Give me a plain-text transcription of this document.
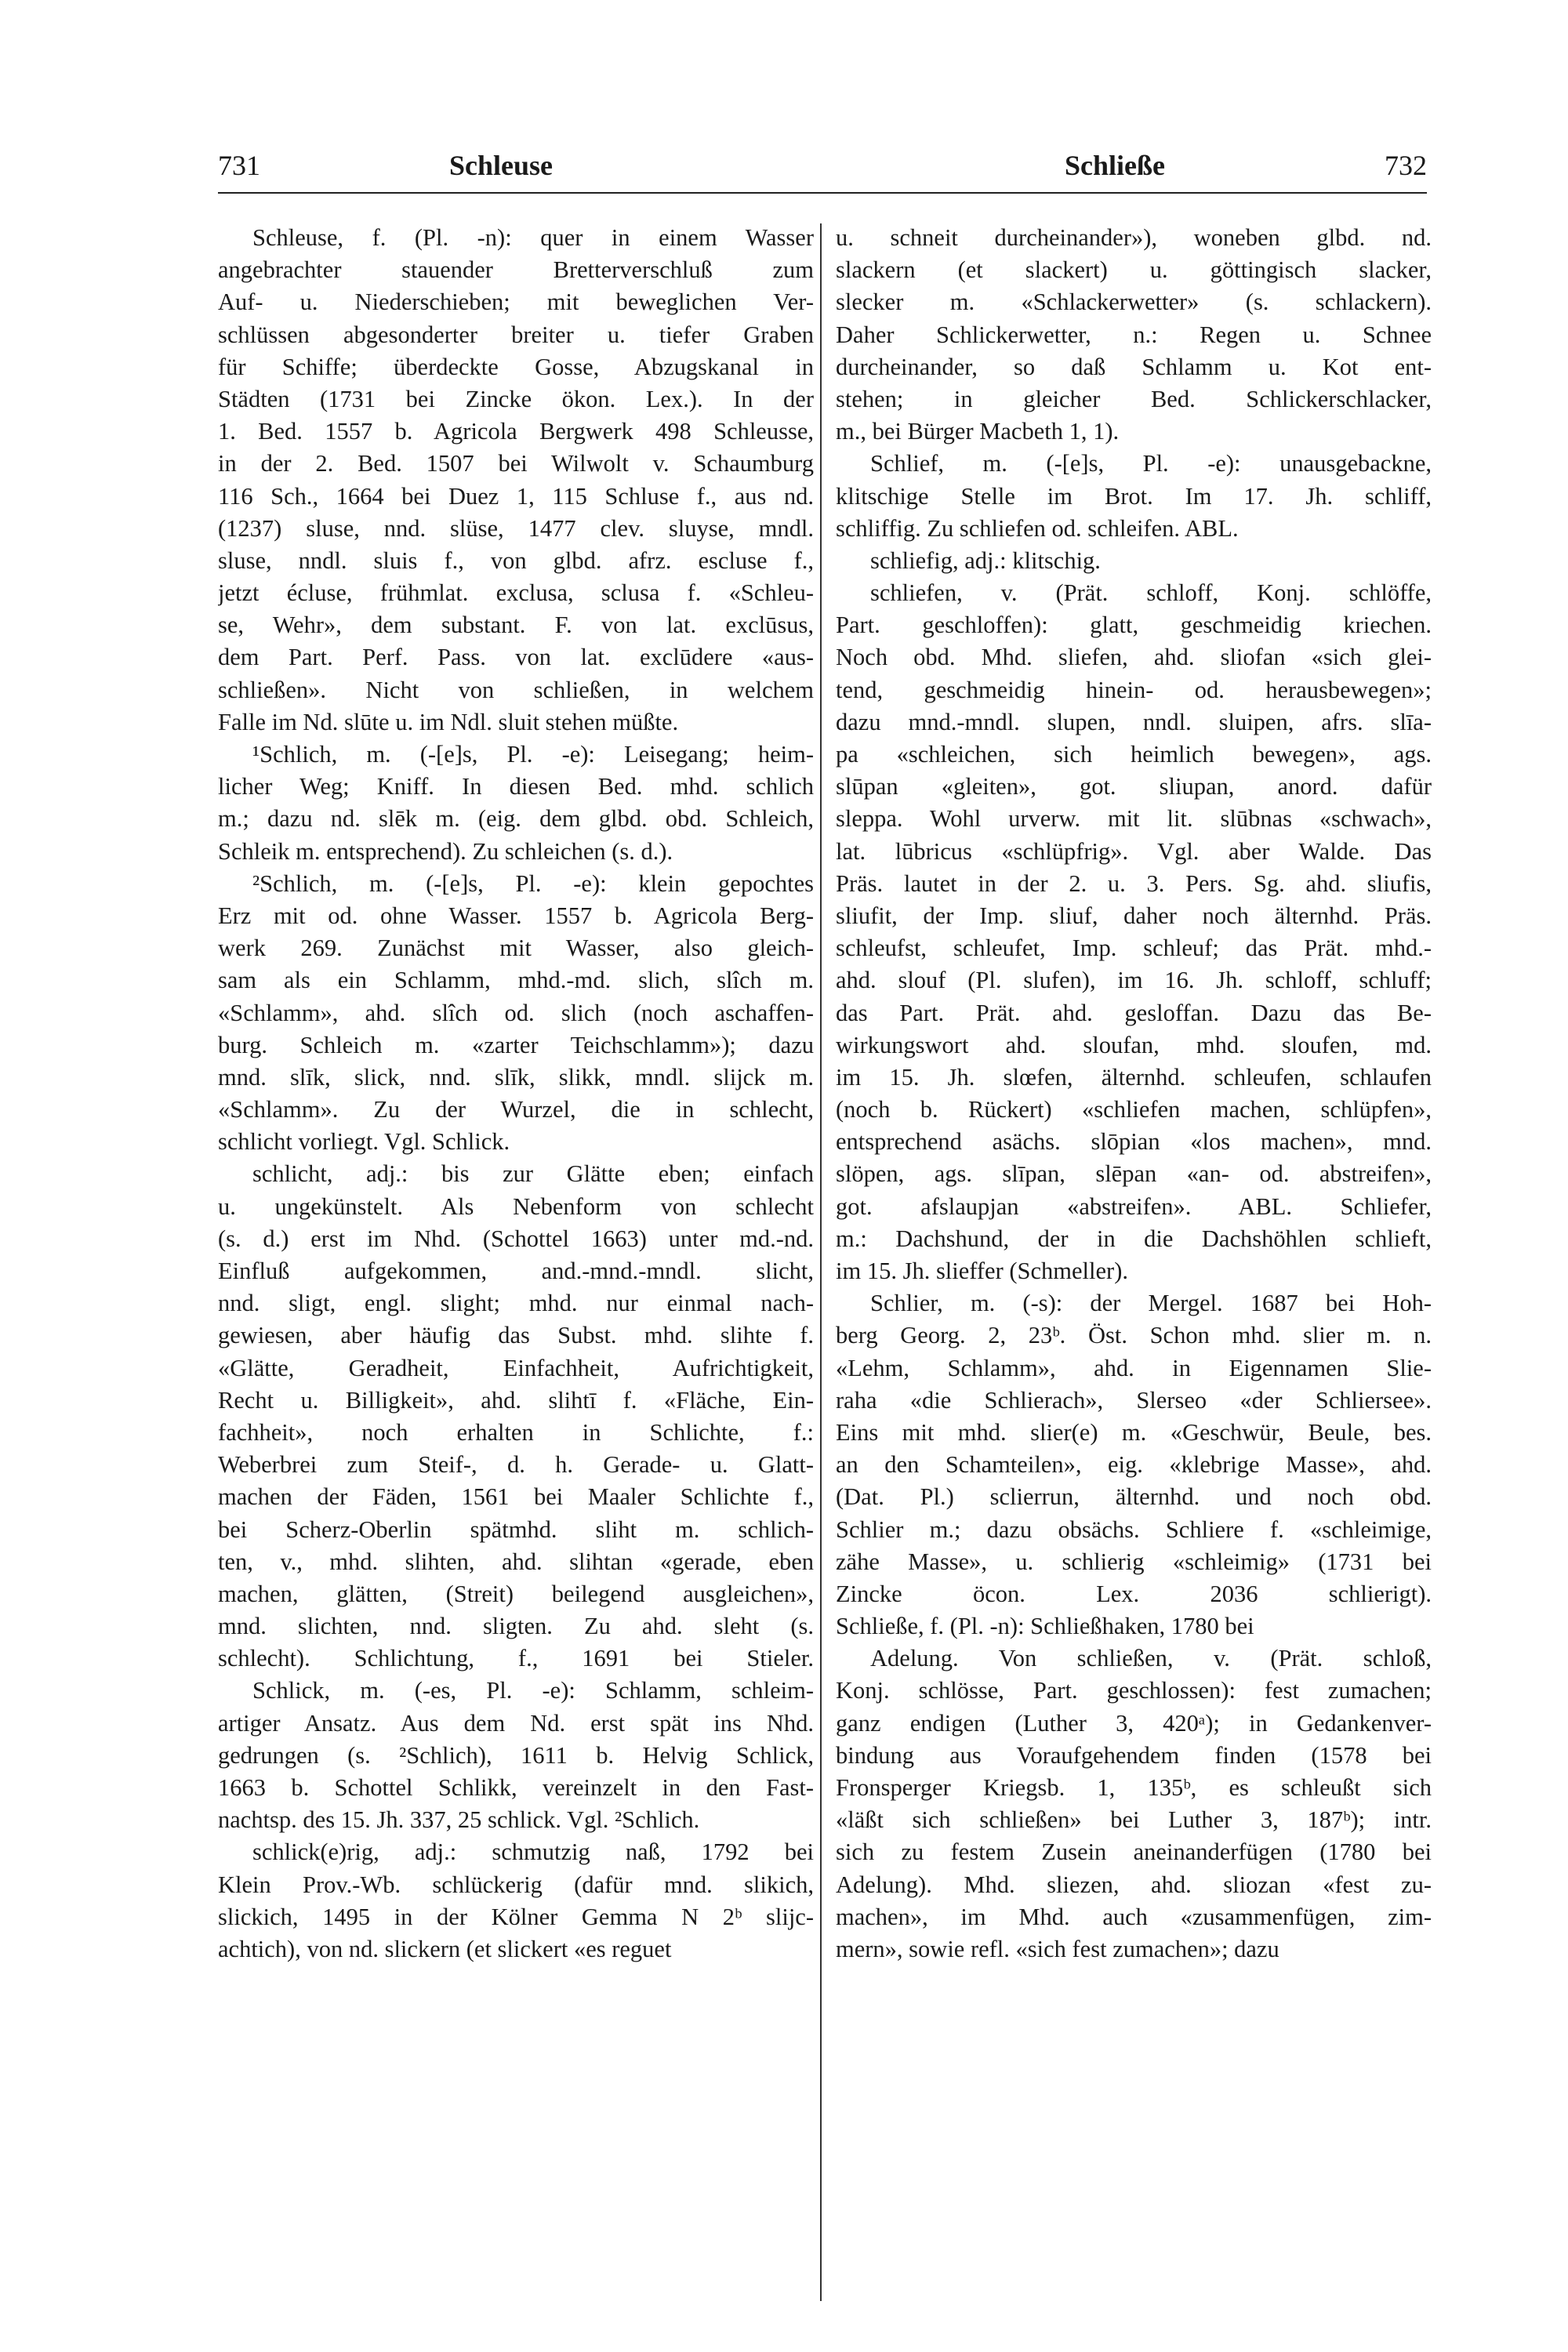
731	Schleuse	Schließe	732
Schleuse, f. (Pl. -n): quer in einem Wasser
angebrachter stauender Bretterverschluß zum
Auf- u. Niederschieben; mit beweglichen Ver-
schlüssen abgesonderter breiter u. tiefer Graben
für Schiffe; überdeckte Gosse, Abzugskanal in
Städten (1731 bei Zincke ökon. Lex.). In der
1. Bed. 1557 b. Agricola Bergwerk 498 Schleusse,
in der 2. Bed. 1507 bei Wilwolt v. Schaumburg
116 Sch., 1664 bei Duez 1, 115 Schluse f., aus nd.
(1237) sluse, nnd. slüse, 1477 clev. sluyse, mndl.
sluse, nndl. sluis f., von glbd. afrz. escluse f.,
jetzt écluse, frühmlat. exclusa, sclusa f. «Schleu-
se, Wehr», dem substant. F. von lat. exclūsus,
dem Part. Perf. Pass. von lat. exclūdere «aus-
schließen». Nicht von schließen, in welchem
Falle im Nd. slūte u. im Ndl. sluit stehen müßte.
¹Schlich, m. (-[e]s, Pl. -e): Leisegang; heim-
licher Weg; Kniff. In diesen Bed. mhd. schlich
m.; dazu nd. slēk m. (eig. dem glbd. obd. Schleich,
Schleik m. entsprechend). Zu schleichen (s. d.).
²Schlich, m. (-[e]s, Pl. -e): klein gepochtes
Erz mit od. ohne Wasser. 1557 b. Agricola Berg-
werk 269. Zunächst mit Wasser, also gleich-
sam als ein Schlamm, mhd.-md. slich, slîch m.
«Schlamm», ahd. slîch od. slich (noch aschaffen-
burg. Schleich m. «zarter Teichschlamm»); dazu
mnd. slīk, slick, nnd. slīk, slikk, mndl. slijck m.
«Schlamm». Zu der Wurzel, die in schlecht,
schlicht vorliegt. Vgl. Schlick.
schlicht, adj.: bis zur Glätte eben; einfach
u. ungekünstelt. Als Nebenform von schlecht
(s. d.) erst im Nhd. (Schottel 1663) unter md.-nd.
Einfluß aufgekommen, and.-mnd.-mndl. slicht,
nnd. sligt, engl. slight; mhd. nur einmal nach-
gewiesen, aber häufig das Subst. mhd. slihte f.
«Glätte, Geradheit, Einfachheit, Aufrichtigkeit,
Recht u. Billigkeit», ahd. slihtī f. «Fläche, Ein-
fachheit», noch erhalten in Schlichte, f.:
Weberbrei zum Steif-, d. h. Gerade- u. Glatt-
machen der Fäden, 1561 bei Maaler Schlichte f.,
bei Scherz-Oberlin spätmhd. sliht m. schlich-
ten, v., mhd. slihten, ahd. slihtan «gerade, eben
machen, glätten, (Streit) beilegend ausgleichen»,
mnd. slichten, nnd. sligten. Zu ahd. sleht (s.
schlecht). Schlichtung, f., 1691 bei Stieler.
Schlick, m. (-es, Pl. -e): Schlamm, schleim-
artiger Ansatz. Aus dem Nd. erst spät ins Nhd.
gedrungen (s. ²Schlich), 1611 b. Helvig Schlick,
1663 b. Schottel Schlikk, vereinzelt in den Fast-
nachtsp. des 15. Jh. 337, 25 schlick. Vgl. ²Schlich.
schlick(e)rig, adj.: schmutzig naß, 1792 bei
Klein Prov.-Wb. schlückerig (dafür mnd. slikich,
slickich, 1495 in der Kölner Gemma N 2ᵇ slijc-
achtich), von nd. slickern (et slickert «es reguet
u. schneit durcheinander»), woneben glbd. nd.
slackern (et slackert) u. göttingisch slacker,
slecker m. «Schlackerwetter» (s. schlackern).
Daher Schlickerwetter, n.: Regen u. Schnee
durcheinander, so daß Schlamm u. Kot ent-
stehen; in gleicher Bed. Schlickerschlacker,
m., bei Bürger Macbeth 1, 1).
Schlief, m. (-[e]s, Pl. -e): unausgebackne,
klitschige Stelle im Brot. Im 17. Jh. schliff,
schliffig. Zu schliefen od. schleifen. ABL.
schliefig, adj.: klitschig.
schliefen, v. (Prät. schloff, Konj. schlöffe,
Part. geschloffen): glatt, geschmeidig kriechen.
Noch obd. Mhd. sliefen, ahd. sliofan «sich glei-
tend, geschmeidig hinein- od. herausbewegen»;
dazu mnd.-mndl. slupen, nndl. sluipen, afrs. slīa-
pa «schleichen, sich heimlich bewegen», ags.
slūpan «gleiten», got. sliupan, anord. dafür
sleppa. Wohl urverw. mit lit. slūbnas «schwach»,
lat. lūbricus «schlüpfrig». Vgl. aber Walde. Das
Präs. lautet in der 2. u. 3. Pers. Sg. ahd. sliufis,
sliufit, der Imp. sliuf, daher noch älternhd. Präs.
schleufst, schleufet, Imp. schleuf; das Prät. mhd.-
ahd. slouf (Pl. slufen), im 16. Jh. schloff, schluff;
das Part. Prät. ahd. gesloffan. Dazu das Be-
wirkungswort ahd. sloufan, mhd. sloufen, md.
im 15. Jh. slœfen, älternhd. schleufen, schlaufen
(noch b. Rückert) «schliefen machen, schlüpfen»,
entsprechend asächs. slōpian «los machen», mnd.
slöpen, ags. slīpan, slēpan «an- od. abstreifen»,
got. afslaupjan «abstreifen». ABL. Schliefer,
m.: Dachshund, der in die Dachshöhlen schlieft,
im 15. Jh. slieffer (Schmeller).
Schlier, m. (-s): der Mergel. 1687 bei Hoh-
berg Georg. 2, 23ᵇ. Öst. Schon mhd. slier m. n.
«Lehm, Schlamm», ahd. in Eigennamen Slie-
raha «die Schlierach», Slerseo «der Schliersee».
Eins mit mhd. slier(e) m. «Geschwür, Beule, bes.
an den Schamteilen», eig. «klebrige Masse», ahd.
(Dat. Pl.) sclierrun, älternhd. und noch obd.
Schlier m.; dazu obsächs. Schliere f. «schleimige,
zähe Masse», u. schlierig «schleimig» (1731 bei
Zincke öcon. Lex. 2036 schlierigt).
Schließe, f. (Pl. -n): Schließhaken, 1780 bei
Adelung. Von schließen, v. (Prät. schloß,
Konj. schlösse, Part. geschlossen): fest zumachen;
ganz endigen (Luther 3, 420ᵃ); in Gedankenver-
bindung aus Voraufgehendem finden (1578 bei
Fronsperger Kriegsb. 1, 135ᵇ, es schleußt sich
«läßt sich schließen» bei Luther 3, 187ᵇ); intr.
sich zu festem Zusein aneinanderfügen (1780 bei
Adelung). Mhd. sliezen, ahd. sliozan «fest zu-
machen», im Mhd. auch «zusammenfügen, zim-
mern», sowie refl. «sich fest zumachen»; dazu
